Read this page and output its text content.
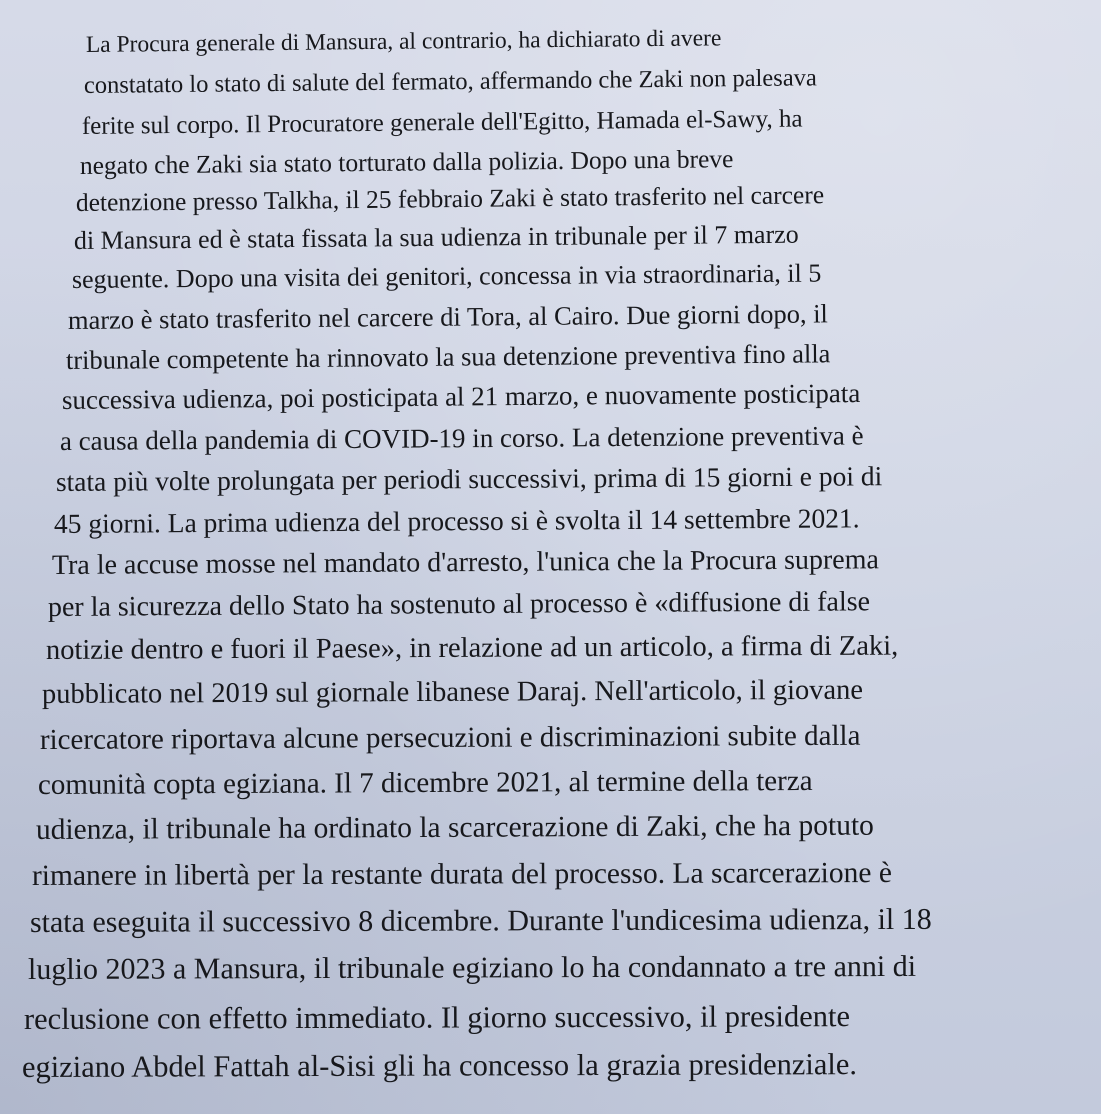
La Procura generale di Mansura, al contrario, ha dichiarato di avere

constatato lo stato di salute del fermato, affermando che Zaki non palesava

ferite sul corpo. Il Procuratore generale dell'Egitto, Hamada el-Sawy, ha

negato che Zaki sia stato torturato dalla polizia. Dopo una breve

detenzione presso Talkha, il 25 febbraio Zaki è stato trasferito nel carcere

di Mansura ed è stata fissata la sua udienza in tribunale per il 7 marzo

seguente. Dopo una visita dei genitori, concessa in via straordinaria, il 5

marzo è stato trasferito nel carcere di Tora, al Cairo. Due giorni dopo, il

tribunale competente ha rinnovato la sua detenzione preventiva fino alla

successiva udienza, poi posticipata al 21 marzo, e nuovamente posticipata

a causa della pandemia di COVID-19 in corso. La detenzione preventiva è

stata più volte prolungata per periodi successivi, prima di 15 giorni e poi di

45 giorni. La prima udienza del processo si è svolta il 14 settembre 2021.

Tra le accuse mosse nel mandato d'arresto, l'unica che la Procura suprema

per la sicurezza dello Stato ha sostenuto al processo è «diffusione di false

notizie dentro e fuori il Paese», in relazione ad un articolo, a firma di Zaki,

pubblicato nel 2019 sul giornale libanese Daraj. Nell'articolo, il giovane

ricercatore riportava alcune persecuzioni e discriminazioni subite dalla

comunità copta egiziana. Il 7 dicembre 2021, al termine della terza

udienza, il tribunale ha ordinato la scarcerazione di Zaki, che ha potuto

rimanere in libertà per la restante durata del processo. La scarcerazione è

stata eseguita il successivo 8 dicembre. Durante l'undicesima udienza, il 18

luglio 2023 a Mansura, il tribunale egiziano lo ha condannato a tre anni di

reclusione con effetto immediato. Il giorno successivo, il presidente

egiziano Abdel Fattah al-Sisi gli ha concesso la grazia presidenziale.
